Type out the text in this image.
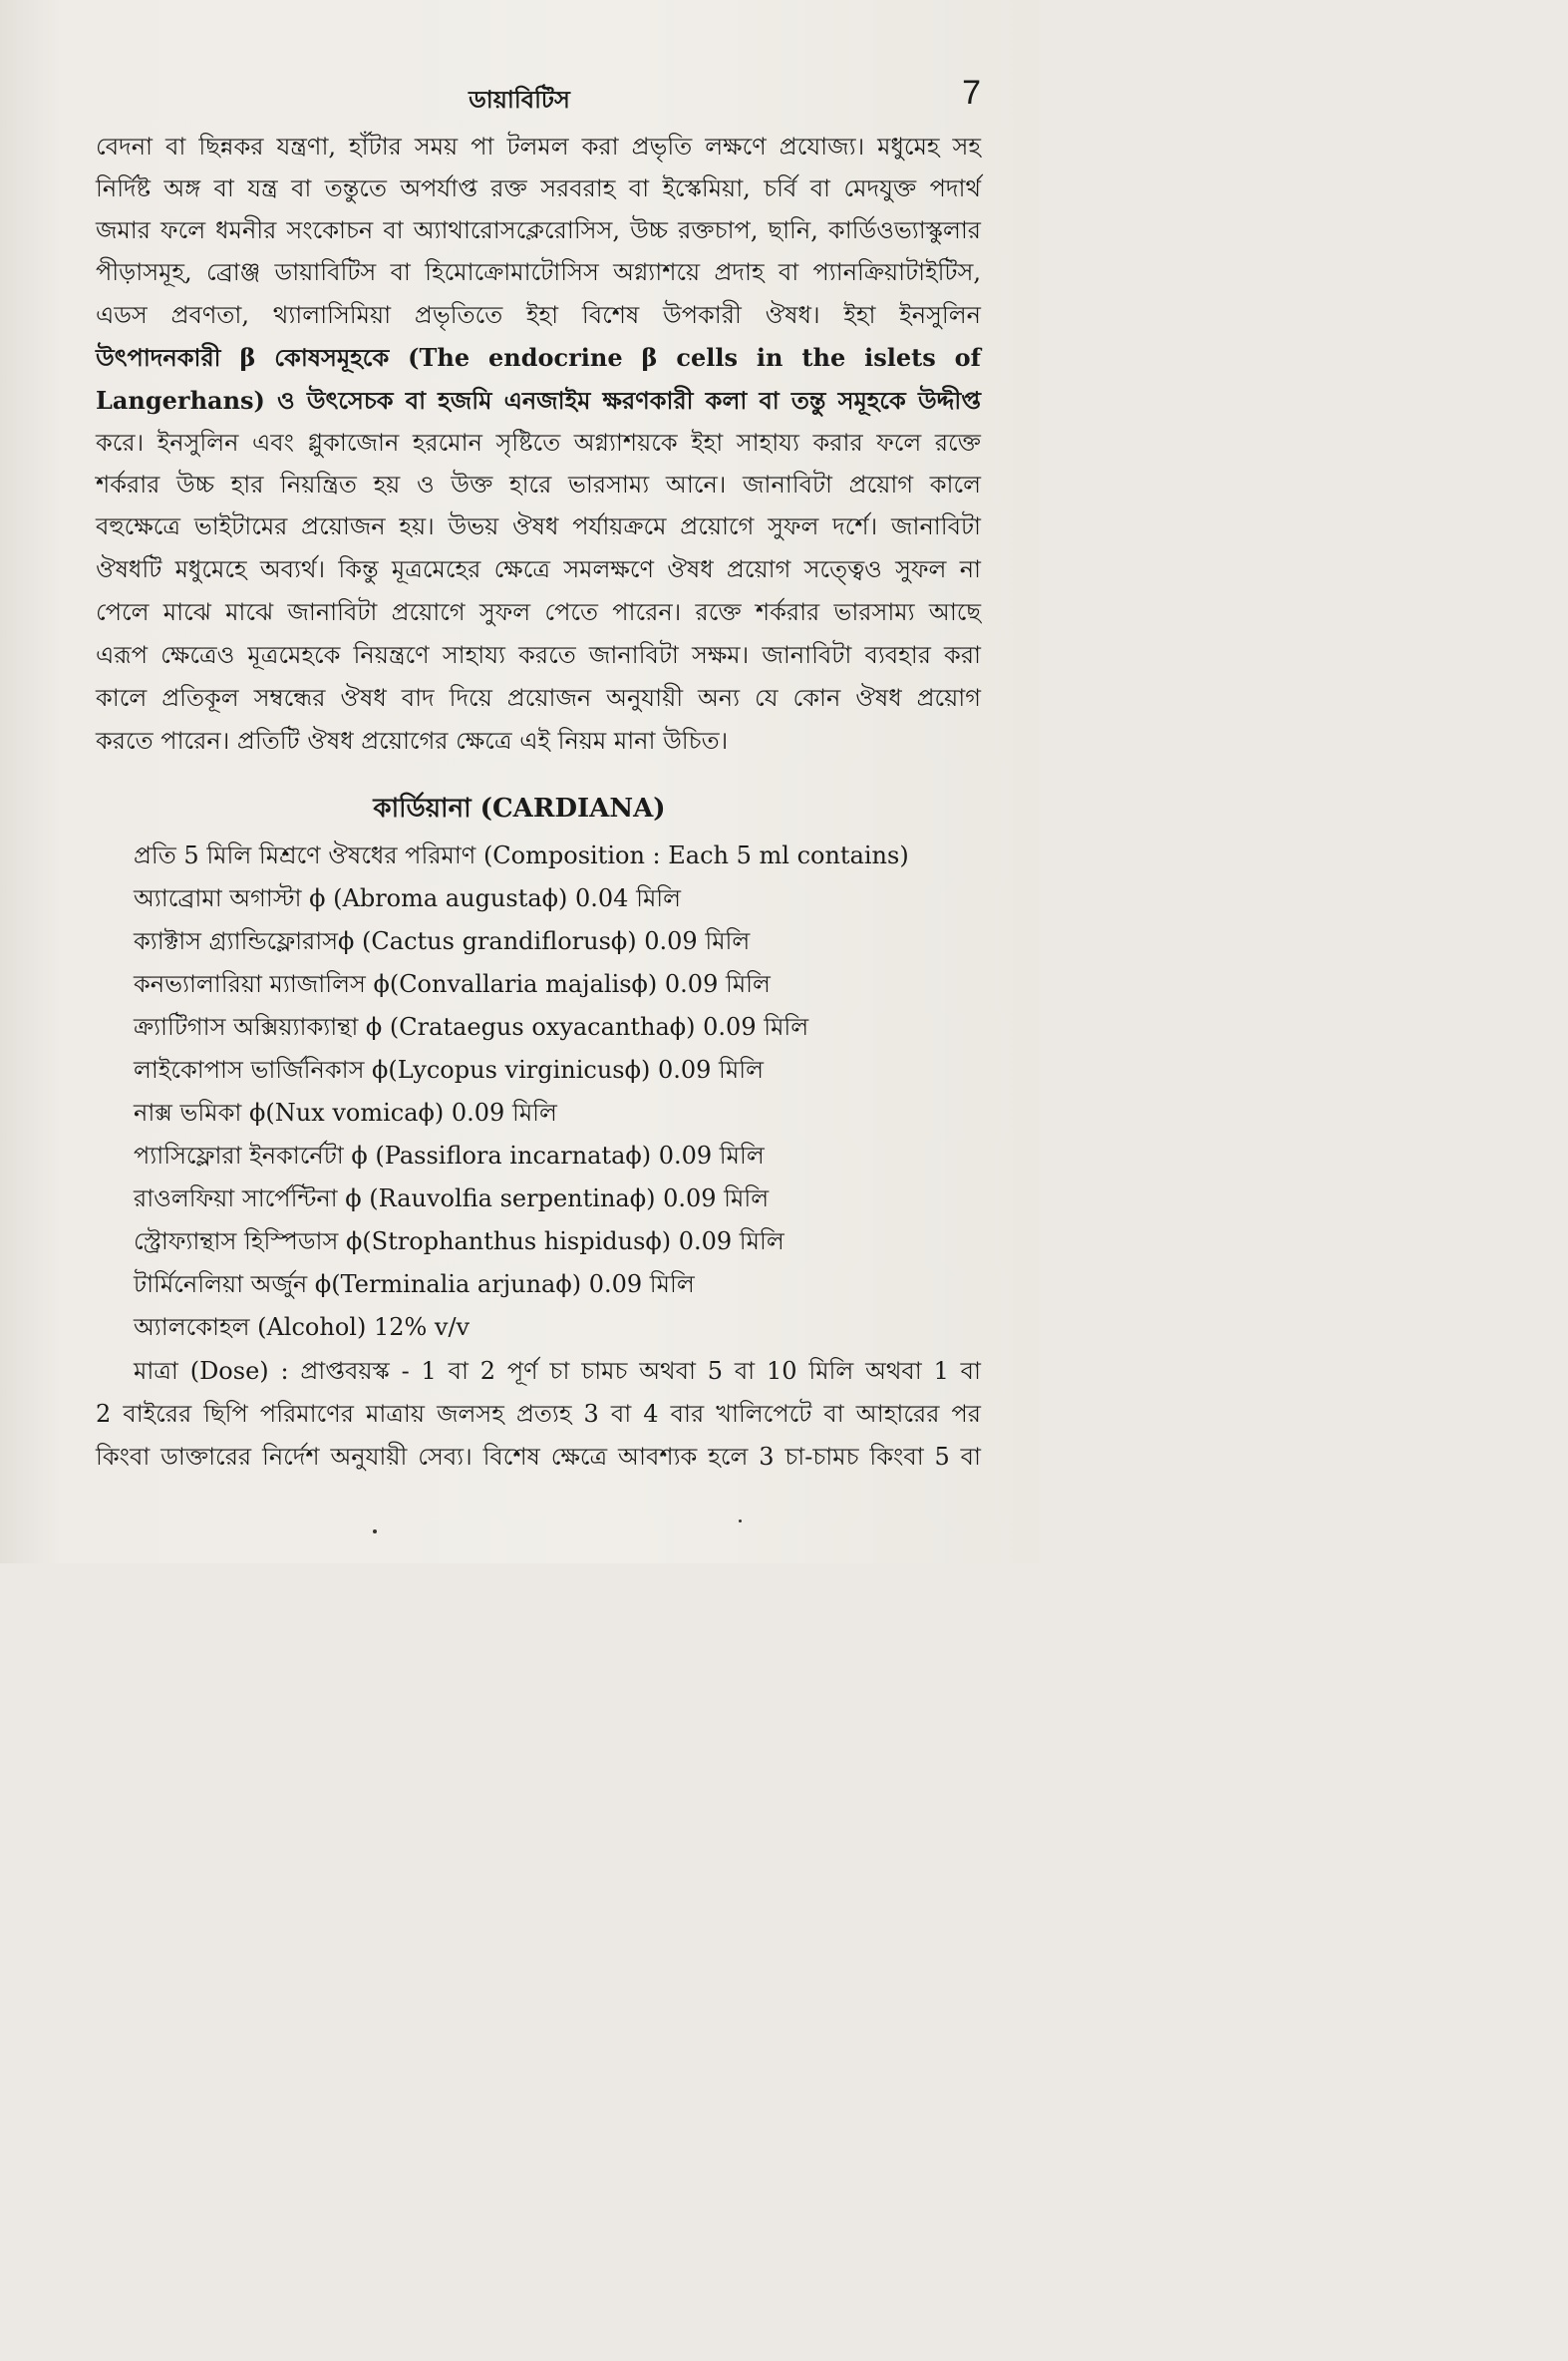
ডায়াবিটিস	7
বেদনা বা ছিন্নকর যন্ত্রণা, হাঁটার সময় পা টলমল করা প্রভৃতি লক্ষণে প্রযোজ্য। মধুমেহ সহ
নির্দিষ্ট অঙ্গ বা যন্ত্র বা তন্তুতে অপর্যাপ্ত রক্ত সরবরাহ বা ইস্কেমিয়া, চর্বি বা মেদযুক্ত পদার্থ
জমার ফলে ধমনীর সংকোচন বা অ্যাথারোসক্লেরোসিস, উচ্চ রক্তচাপ, ছানি, কার্ডিওভ্যাস্কুলার
পীড়াসমূহ, ব্রোঞ্জ ডায়াবিটিস বা হিমোক্রোমাটোসিস অগ্ন্যাশয়ে প্রদাহ বা প্যানক্রিয়াটাইটিস,
এডস প্রবণতা, থ্যালাসিমিয়া প্রভৃতিতে ইহা বিশেষ উপকারী ঔষধ। ইহা ইনসুলিন
উৎপাদনকারী β কোষসমূহকে (The endocrine β cells in the islets of
Langerhans) ও উৎসেচক বা হজমি এনজাইম ক্ষরণকারী কলা বা তন্তু সমূহকে উদ্দীপ্ত
করে। ইনসুলিন এবং গ্লুকাজোন হরমোন সৃষ্টিতে অগ্ন্যাশয়কে ইহা সাহায্য করার ফলে রক্তে
শর্করার উচ্চ হার নিয়ন্ত্রিত হয় ও উক্ত হারে ভারসাম্য আনে। জানাবিটা প্রয়োগ কালে
বহুক্ষেত্রে ভাইটামের প্রয়োজন হয়। উভয় ঔষধ পর্যায়ক্রমে প্রয়োগে সুফল দর্শে। জানাবিটা
ঔষধটি মধুমেহে অব্যর্থ। কিন্তু মূত্রমেহের ক্ষেত্রে সমলক্ষণে ঔষধ প্রয়োগ সত্ত্বেও সুফল না
পেলে মাঝে মাঝে জানাবিটা প্রয়োগে সুফল পেতে পারেন। রক্তে শর্করার ভারসাম্য আছে
এরূপ ক্ষেত্রেও মূত্রমেহকে নিয়ন্ত্রণে সাহায্য করতে জানাবিটা সক্ষম। জানাবিটা ব্যবহার করা
কালে প্রতিকূল সম্বন্ধের ঔষধ বাদ দিয়ে প্রয়োজন অনুযায়ী অন্য যে কোন ঔষধ প্রয়োগ
করতে পারেন। প্রতিটি ঔষধ প্রয়োগের ক্ষেত্রে এই নিয়ম মানা উচিত।
কার্ডিয়ানা (CARDIANA)
প্রতি 5 মিলি মিশ্রণে ঔষধের পরিমাণ (Composition : Each 5 ml contains)
অ্যাব্রোমা অগাস্টা ϕ (Abroma augustaϕ) 0.04 মিলি
ক্যাক্টাস গ্র্যান্ডিফ্লোরাসϕ (Cactus grandiflorusϕ) 0.09 মিলি
কনভ্যালারিয়া ম্যাজালিস ϕ(Convallaria majalisϕ) 0.09 মিলি
ক্র্যাটিগাস অক্সিয়্যাক্যান্থা ϕ (Crataegus oxyacanthaϕ) 0.09 মিলি
লাইকোপাস ভার্জিনিকাস ϕ(Lycopus virginicusϕ) 0.09 মিলি
নাক্স ভমিকা ϕ(Nux vomicaϕ) 0.09 মিলি
প্যাসিফ্লোরা ইনকার্নেটা ϕ (Passiflora incarnataϕ) 0.09 মিলি
রাওলফিয়া সার্পেন্টিনা ϕ (Rauvolfia serpentinaϕ) 0.09 মিলি
স্ট্রোফ্যান্থাস হিস্পিডাস ϕ(Strophanthus hispidusϕ) 0.09 মিলি
টার্মিনেলিয়া অর্জুন ϕ(Terminalia arjunaϕ) 0.09 মিলি
অ্যালকোহল (Alcohol) 12% v/v
মাত্রা (Dose) : প্রাপ্তবয়স্ক - 1 বা 2 পূর্ণ চা চামচ অথবা 5 বা 10 মিলি অথবা 1 বা
2 বাইরের ছিপি পরিমাণের মাত্রায় জলসহ প্রত্যহ 3 বা 4 বার খালিপেটে বা আহারের পর
কিংবা ডাক্তারের নির্দেশ অনুযায়ী সেব্য। বিশেষ ক্ষেত্রে আবশ্যক হলে 3 চা-চামচ কিংবা 5 বা
